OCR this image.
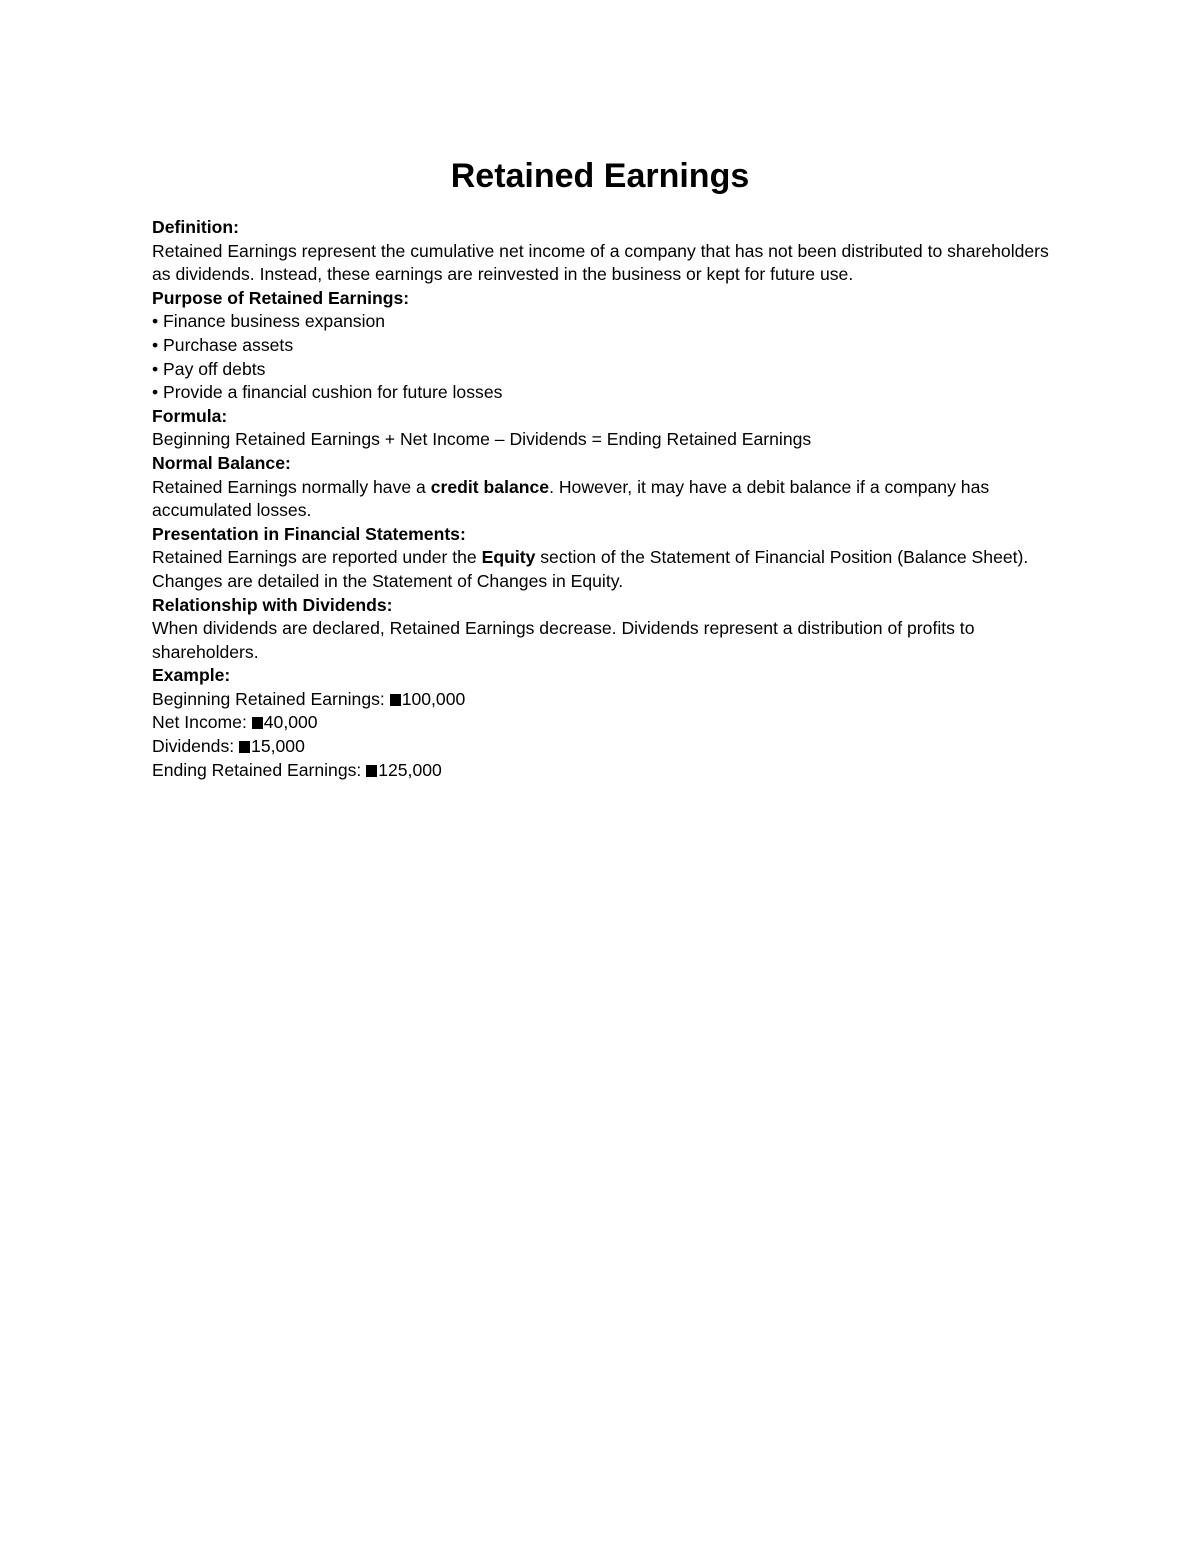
Retained Earnings
Definition:
Retained Earnings represent the cumulative net income of a company that has not been distributed to shareholders as dividends. Instead, these earnings are reinvested in the business or kept for future use.
Purpose of Retained Earnings:
• Finance business expansion
• Purchase assets
• Pay off debts
• Provide a financial cushion for future losses
Formula:
Beginning Retained Earnings + Net Income – Dividends = Ending Retained Earnings
Normal Balance:
Retained Earnings normally have a credit balance. However, it may have a debit balance if a company has accumulated losses.
Presentation in Financial Statements:
Retained Earnings are reported under the Equity section of the Statement of Financial Position (Balance Sheet). Changes are detailed in the Statement of Changes in Equity.
Relationship with Dividends:
When dividends are declared, Retained Earnings decrease. Dividends represent a distribution of profits to shareholders.
Example:
Beginning Retained Earnings: 100,000
Net Income: 40,000
Dividends: 15,000
Ending Retained Earnings: 125,000
